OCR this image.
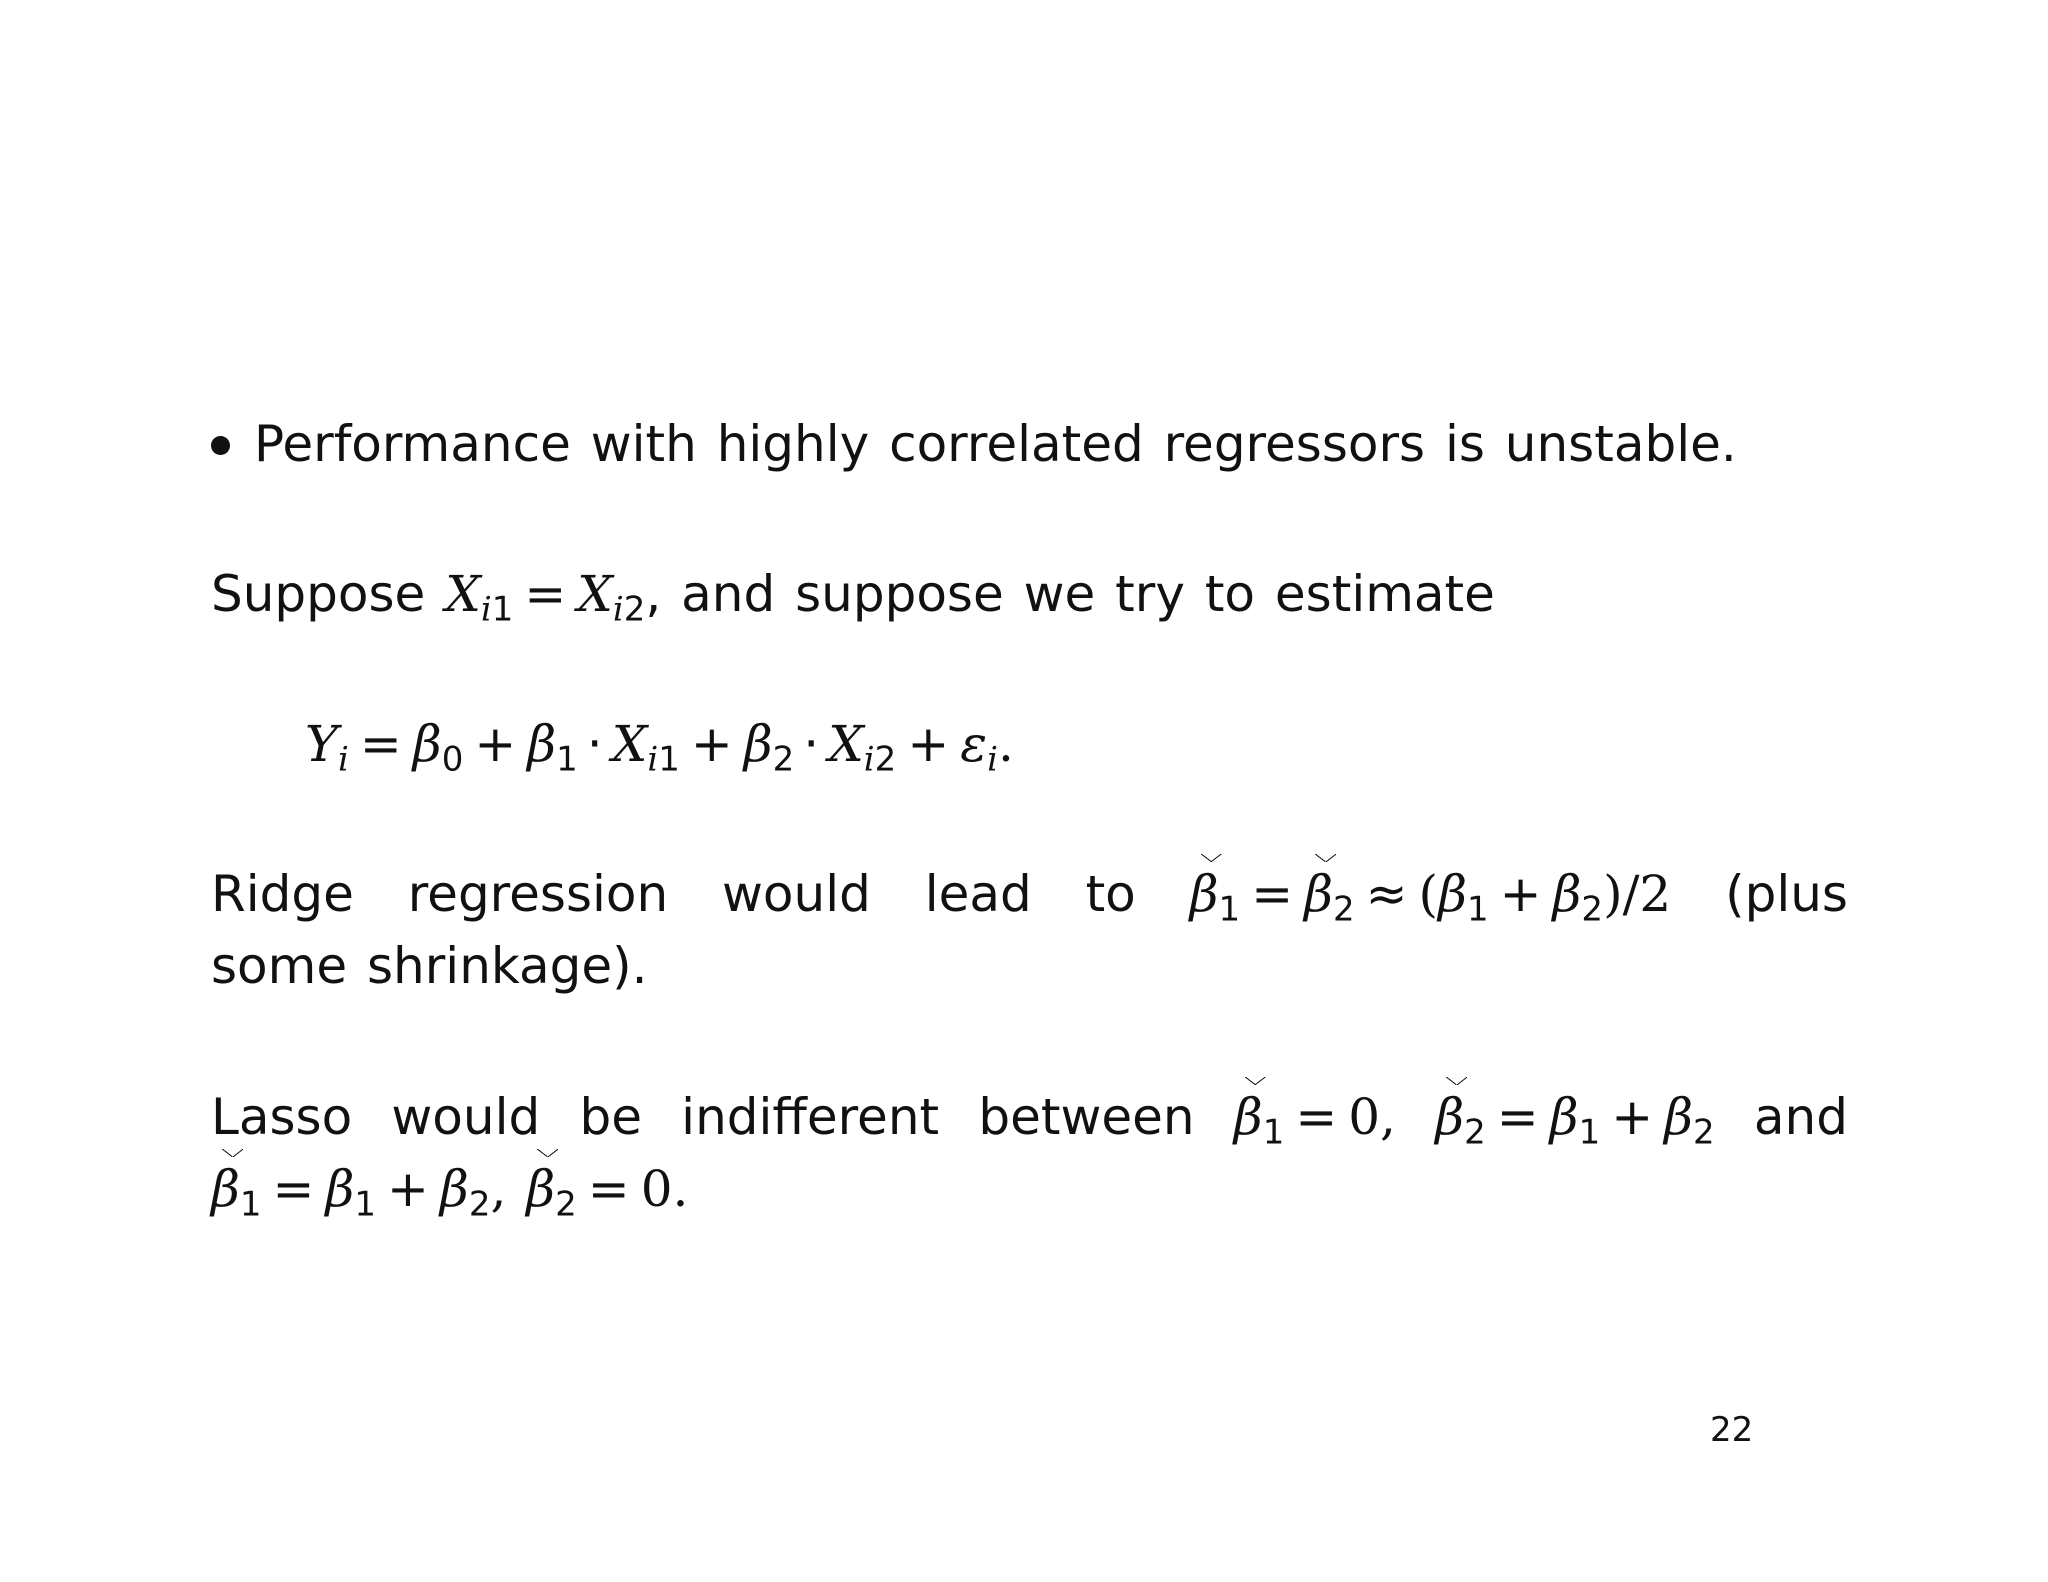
Performance with highly correlated regressors is unstable.
Suppose $X_{i1} = X_{i2}$, and suppose we try to estimate
$Y_i = \beta_0 + \beta_1 \cdot X_{i1} + \beta_2 \cdot X_{i2} + \varepsilon_i$.
Ridge regression would lead to $\beta_1 = \beta_2 \approx (\beta_1 + \beta_2)/2$ (plus
some shrinkage).
Lasso would be indifferent between $\beta_1 = 0$, $\beta_2 = \beta_1 + \beta_2$ and
$\beta_1 = \beta_1 + \beta_2$, $\beta_2 = 0$.
22
